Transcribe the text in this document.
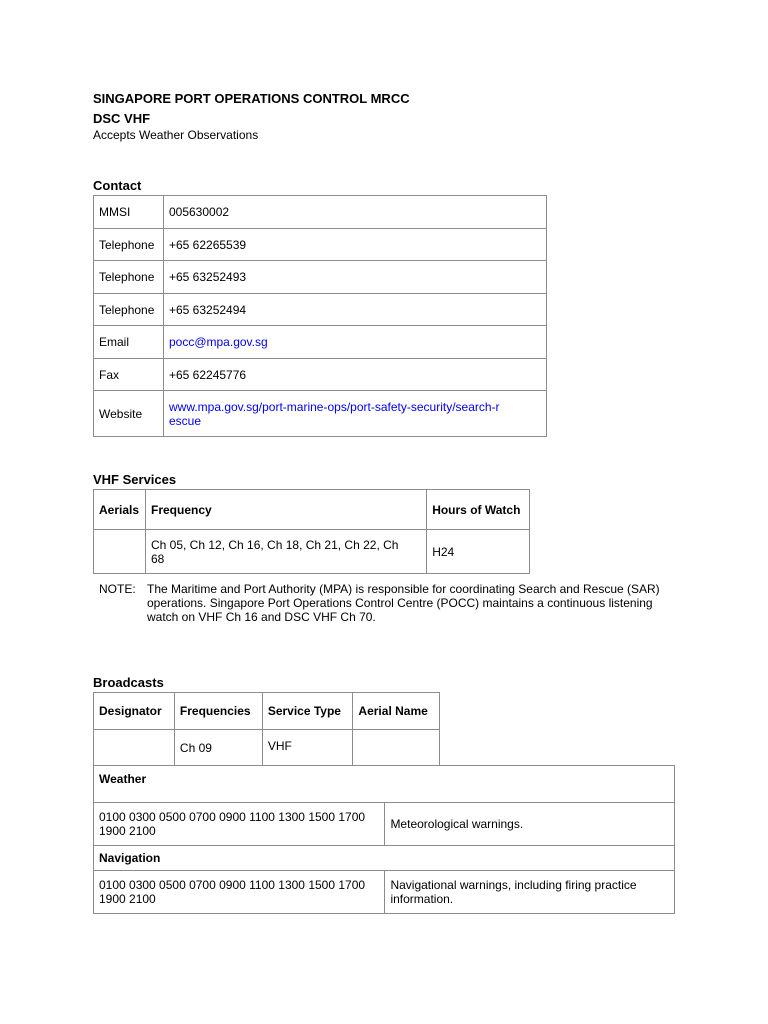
SINGAPORE PORT OPERATIONS CONTROL MRCC
DSC VHF
Accepts Weather Observations
Contact
MMSI	005630002
Telephone	+65 62265539
Telephone	+65 63252493
Telephone	+65 63252494
Email	pocc@mpa.gov.sg
Fax	+65 62245776
Website	www.mpa.gov.sg/port-marine-ops/port-safety-security/search-rescue
VHF Services
Aerials	Frequency	Hours of Watch
	Ch 05, Ch 12, Ch 16, Ch 18, Ch 21, Ch 22, Ch 68	H24
NOTE: The Maritime and Port Authority (MPA) is responsible for coordinating Search and Rescue (SAR) operations. Singapore Port Operations Control Centre (POCC) maintains a continuous listening watch on VHF Ch 16 and DSC VHF Ch 70.
Broadcasts
Designator	Frequencies	Service Type	Aerial Name
	Ch 09	VHF	
Weather	
0100 0300 0500 0700 0900 1100 1300 1500 1700 1900 2100	Meteorological warnings.
Navigation	
0100 0300 0500 0700 0900 1100 1300 1500 1700 1900 2100	Navigational warnings, including firing practice information.
